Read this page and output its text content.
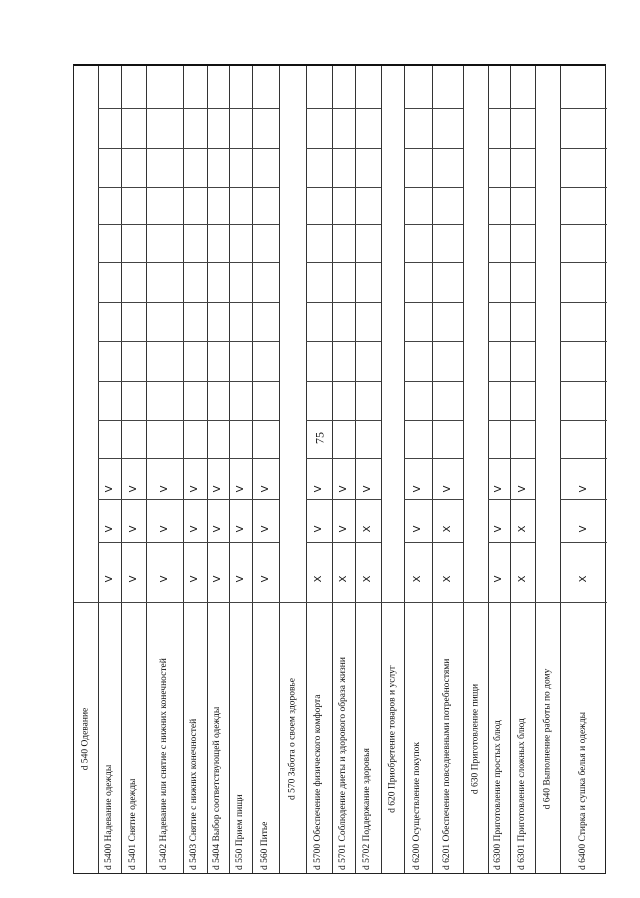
75
d 540 Одевание
d 5400 Надевание одежды
V
V
V
d 5401 Снятие одежды
V
V
V
d 5402 Надевание или снятие с нижних конечностей
V
V
V
d 5403 Снятие с нижних конечностей
V
V
V
d 5404 Выбор соответствующей одежды
V
V
V
d 550 Прием пищи
V
V
V
d 560 Питье
V
V
V
d 570 Забота о своем здоровье d 5700 Обеспечение физического комфорта
X
V
V
d 5701 Соблюдение диеты и здорового образа жизни
X
V
V
d 5702 Поддержание здоровья
X
X
V
d 620 Приобретение товаров и услуг d 6200 Осуществление покупок
X
V
V
d 6201 Обеспечение повседневными потребностями
X
X
V
d 630 Приготовление пищи d 6300 Приготовление простых блюд
V
V
V
d 6301 Приготовление сложных блюд
X
X
V
d 640 Выполнение работы по дому	d 6400 Стирка и сушка белья и одежды
X
V
V
